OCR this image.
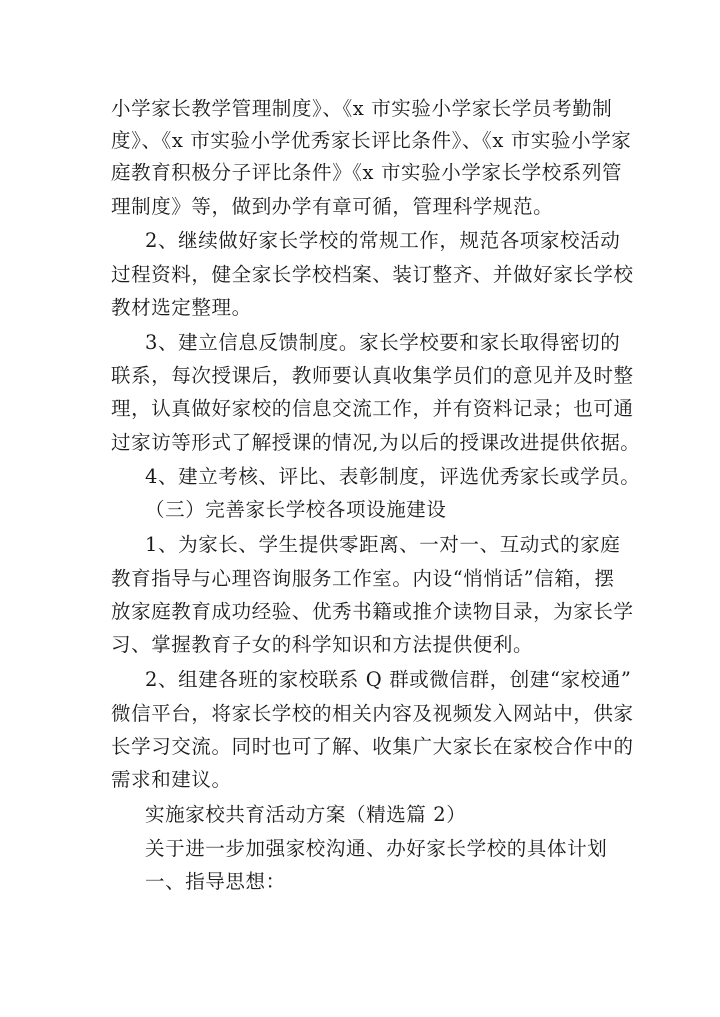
小学家长教学管理制度》、《x 市实验小学家长学员考勤制
度》、《x 市实验小学优秀家长评比条件》、《x 市实验小学家
庭教育积极分子评比条件》《x 市实验小学家长学校系列管
理制度》等，做到办学有章可循，管理科学规范。
2、继续做好家长学校的常规工作，规范各项家校活动
过程资料，健全家长学校档案、装订整齐、并做好家长学校
教材选定整理。
3、建立信息反馈制度。家长学校要和家长取得密切的
联系，每次授课后，教师要认真收集学员们的意见并及时整
理，认真做好家校的信息交流工作，并有资料记录；也可通
过家访等形式了解授课的情况,为以后的授课改进提供依据。
4、建立考核、评比、表彰制度，评选优秀家长或学员。
（三）完善家长学校各项设施建设
1、为家长、学生提供零距离、一对一、互动式的家庭
教育指导与心理咨询服务工作室。内设“悄悄话”信箱，摆
放家庭教育成功经验、优秀书籍或推介读物目录，为家长学
习、掌握教育子女的科学知识和方法提供便利。
2、组建各班的家校联系 Q 群或微信群，创建“家校通”
微信平台，将家长学校的相关内容及视频发入网站中，供家
长学习交流。同时也可了解、收集广大家长在家校合作中的
需求和建议。
实施家校共育活动方案（精选篇 2）
关于进一步加强家校沟通、办好家长学校的具体计划
一、指导思想：
